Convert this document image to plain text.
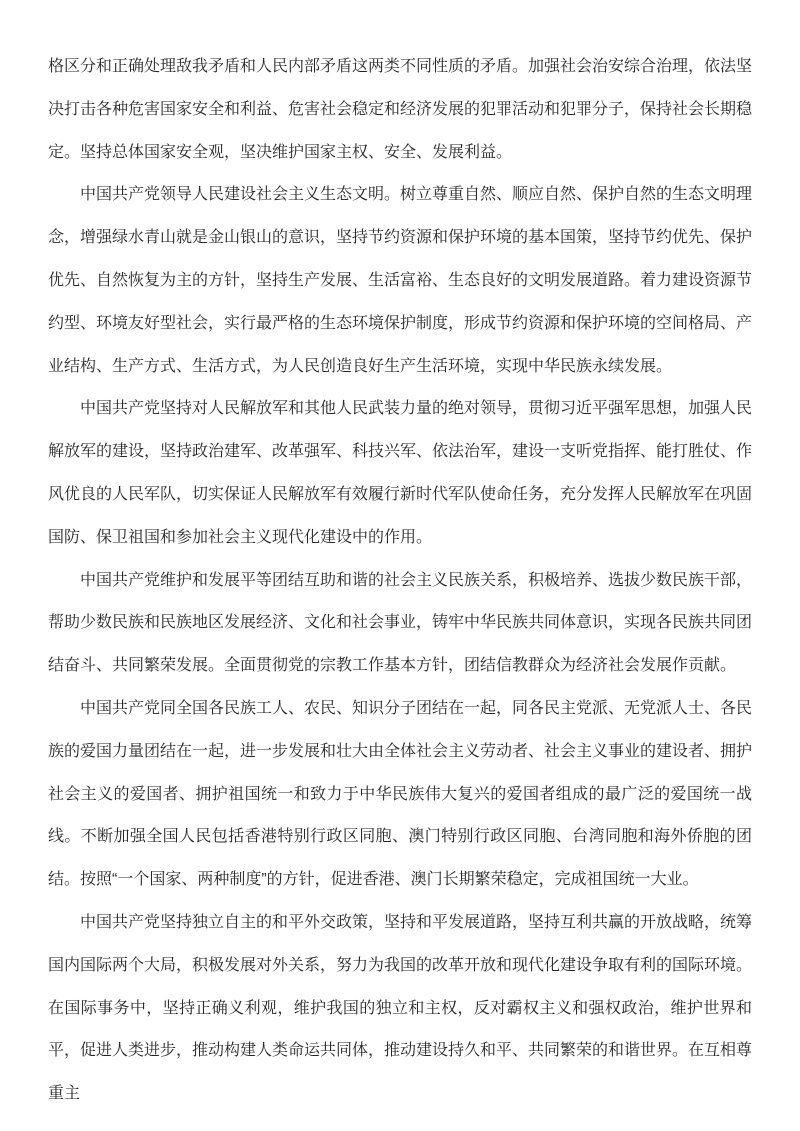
格区分和正确处理敌我矛盾和人民内部矛盾这两类不同性质的矛盾。加强社会治安综合治理，依法坚决打击各种危害国家安全和利益、危害社会稳定和经济发展的犯罪活动和犯罪分子，保持社会长期稳定。坚持总体国家安全观，坚决维护国家主权、安全、发展利益。

中国共产党领导人民建设社会主义生态文明。树立尊重自然、顺应自然、保护自然的生态文明理念，增强绿水青山就是金山银山的意识，坚持节约资源和保护环境的基本国策，坚持节约优先、保护优先、自然恢复为主的方针，坚持生产发展、生活富裕、生态良好的文明发展道路。着力建设资源节约型、环境友好型社会，实行最严格的生态环境保护制度，形成节约资源和保护环境的空间格局、产业结构、生产方式、生活方式，为人民创造良好生产生活环境，实现中华民族永续发展。

中国共产党坚持对人民解放军和其他人民武装力量的绝对领导，贯彻习近平强军思想，加强人民解放军的建设，坚持政治建军、改革强军、科技兴军、依法治军，建设一支听党指挥、能打胜仗、作风优良的人民军队，切实保证人民解放军有效履行新时代军队使命任务，充分发挥人民解放军在巩固国防、保卫祖国和参加社会主义现代化建设中的作用。

中国共产党维护和发展平等团结互助和谐的社会主义民族关系，积极培养、选拔少数民族干部，帮助少数民族和民族地区发展经济、文化和社会事业，铸牢中华民族共同体意识，实现各民族共同团结奋斗、共同繁荣发展。全面贯彻党的宗教工作基本方针，团结信教群众为经济社会发展作贡献。

中国共产党同全国各民族工人、农民、知识分子团结在一起，同各民主党派、无党派人士、各民族的爱国力量团结在一起，进一步发展和壮大由全体社会主义劳动者、社会主义事业的建设者、拥护社会主义的爱国者、拥护祖国统一和致力于中华民族伟大复兴的爱国者组成的最广泛的爱国统一战线。不断加强全国人民包括香港特别行政区同胞、澳门特别行政区同胞、台湾同胞和海外侨胞的团结。按照“一个国家、两种制度”的方针，促进香港、澳门长期繁荣稳定，完成祖国统一大业。

中国共产党坚持独立自主的和平外交政策，坚持和平发展道路，坚持互利共赢的开放战略，统筹国内国际两个大局，积极发展对外关系，努力为我国的改革开放和现代化建设争取有利的国际环境。在国际事务中，坚持正确义利观，维护我国的独立和主权，反对霸权主义和强权政治，维护世界和平，促进人类进步，推动构建人类命运共同体，推动建设持久和平、共同繁荣的和谐世界。在互相尊重主
